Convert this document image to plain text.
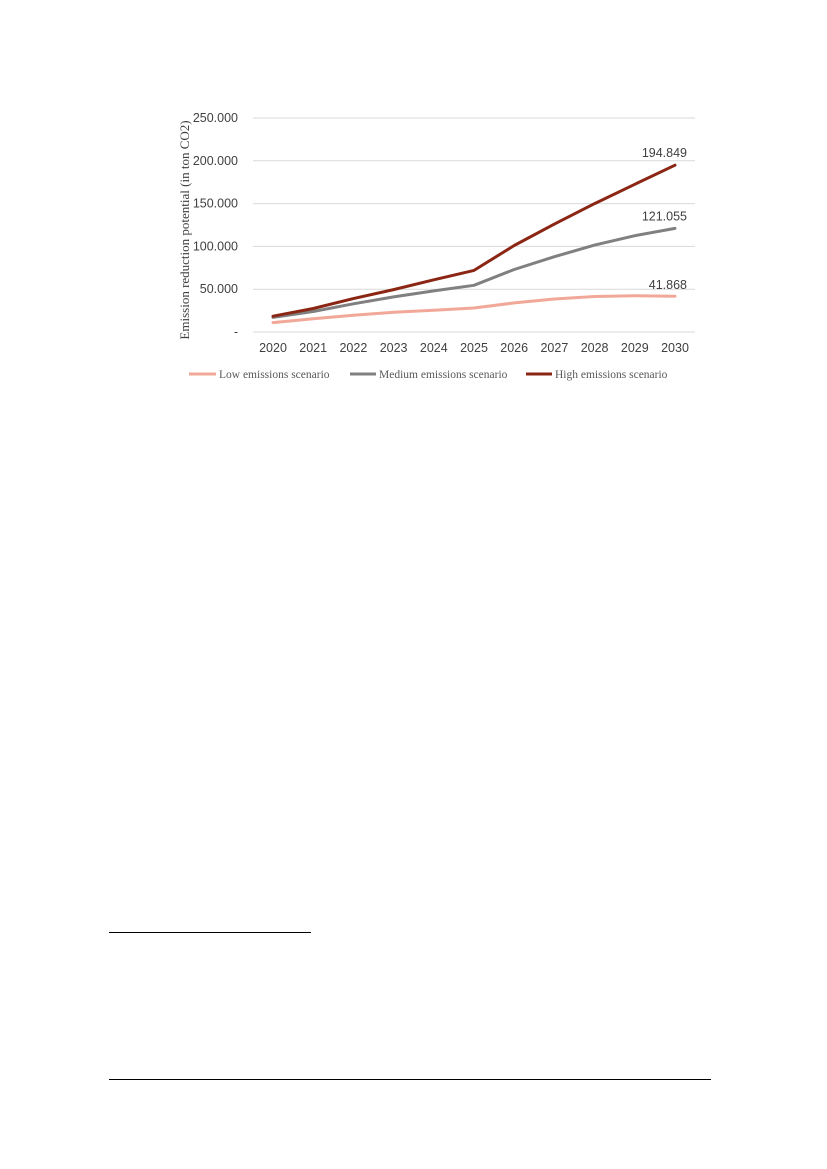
-
50.000
100.000
150.000
200.000
250.000
2020 2021 2022 2023 2024 2025 2026 2027 2028 2029 2030
Emission reduction potential (in ton CO2)	41.868
121.055
194.849
Low emissions scenario	Medium emissions scenario	High emissions scenario
